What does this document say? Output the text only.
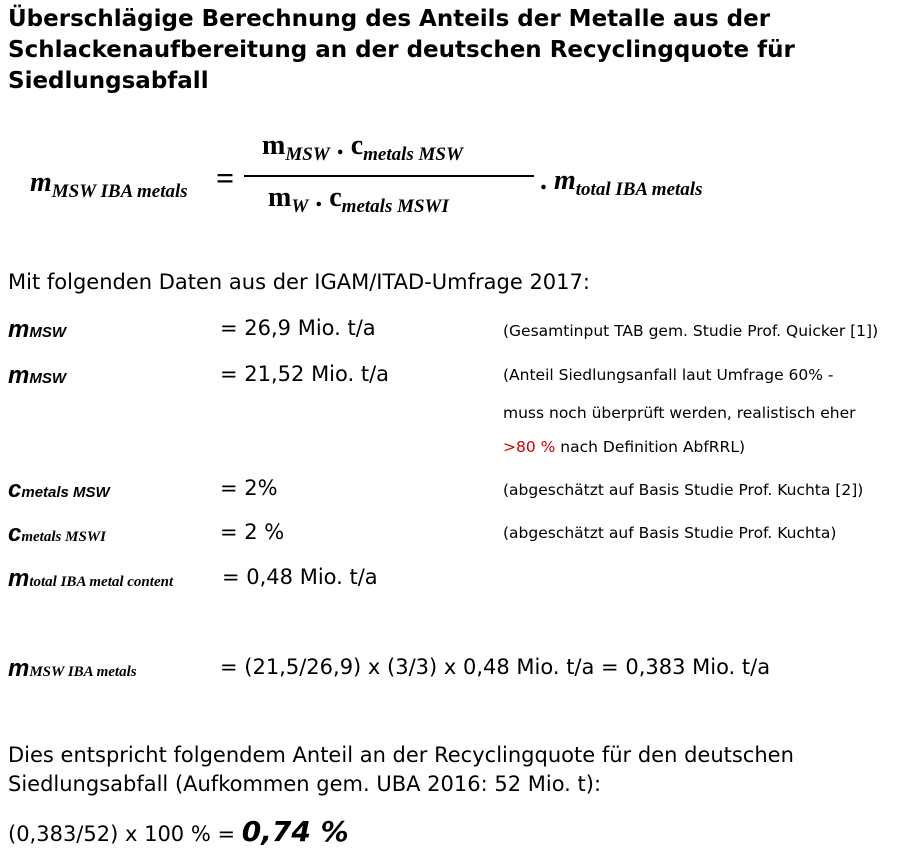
Überschlägige Berechnung des Anteils der Metalle aus der Schlackenaufbereitung an der deutschen Recyclingquote für Siedlungsabfall
$m_{MSW IBA metals}$ =
$m_{MSW}$ . $c_{metals MSW}$
$m_W$ . $c_{metals MSWI}$
. $m_{total IBA metals}$
Mit folgenden Daten aus der IGAM/ITAD-Umfrage 2017:
mMSW	= 26,9 Mio. t/a	(Gesamtinput TAB gem. Studie Prof. Quicker [1])
mMSW	= 21,52 Mio. t/a	(Anteil Siedlungsanfall laut Umfrage 60% -
muss noch überprüft werden, realistisch eher
>80 % nach Definition AbfRRL)
cmetals MSW	= 2%	(abgeschätzt auf Basis Studie Prof. Kuchta [2])
cmetals MSWI	= 2 %	(abgeschätzt auf Basis Studie Prof. Kuchta)
mtotal IBA metal content = 0,48 Mio. t/a
mMSW IBA metals	= (21,5/26,9) x (3/3) x 0,48 Mio. t/a = 0,383 Mio. t/a
Dies entspricht folgendem Anteil an der Recyclingquote für den deutschen Siedlungsabfall (Aufkommen gem. UBA 2016: 52 Mio. t):
(0,383/52) x 100 % = 0,74 %
